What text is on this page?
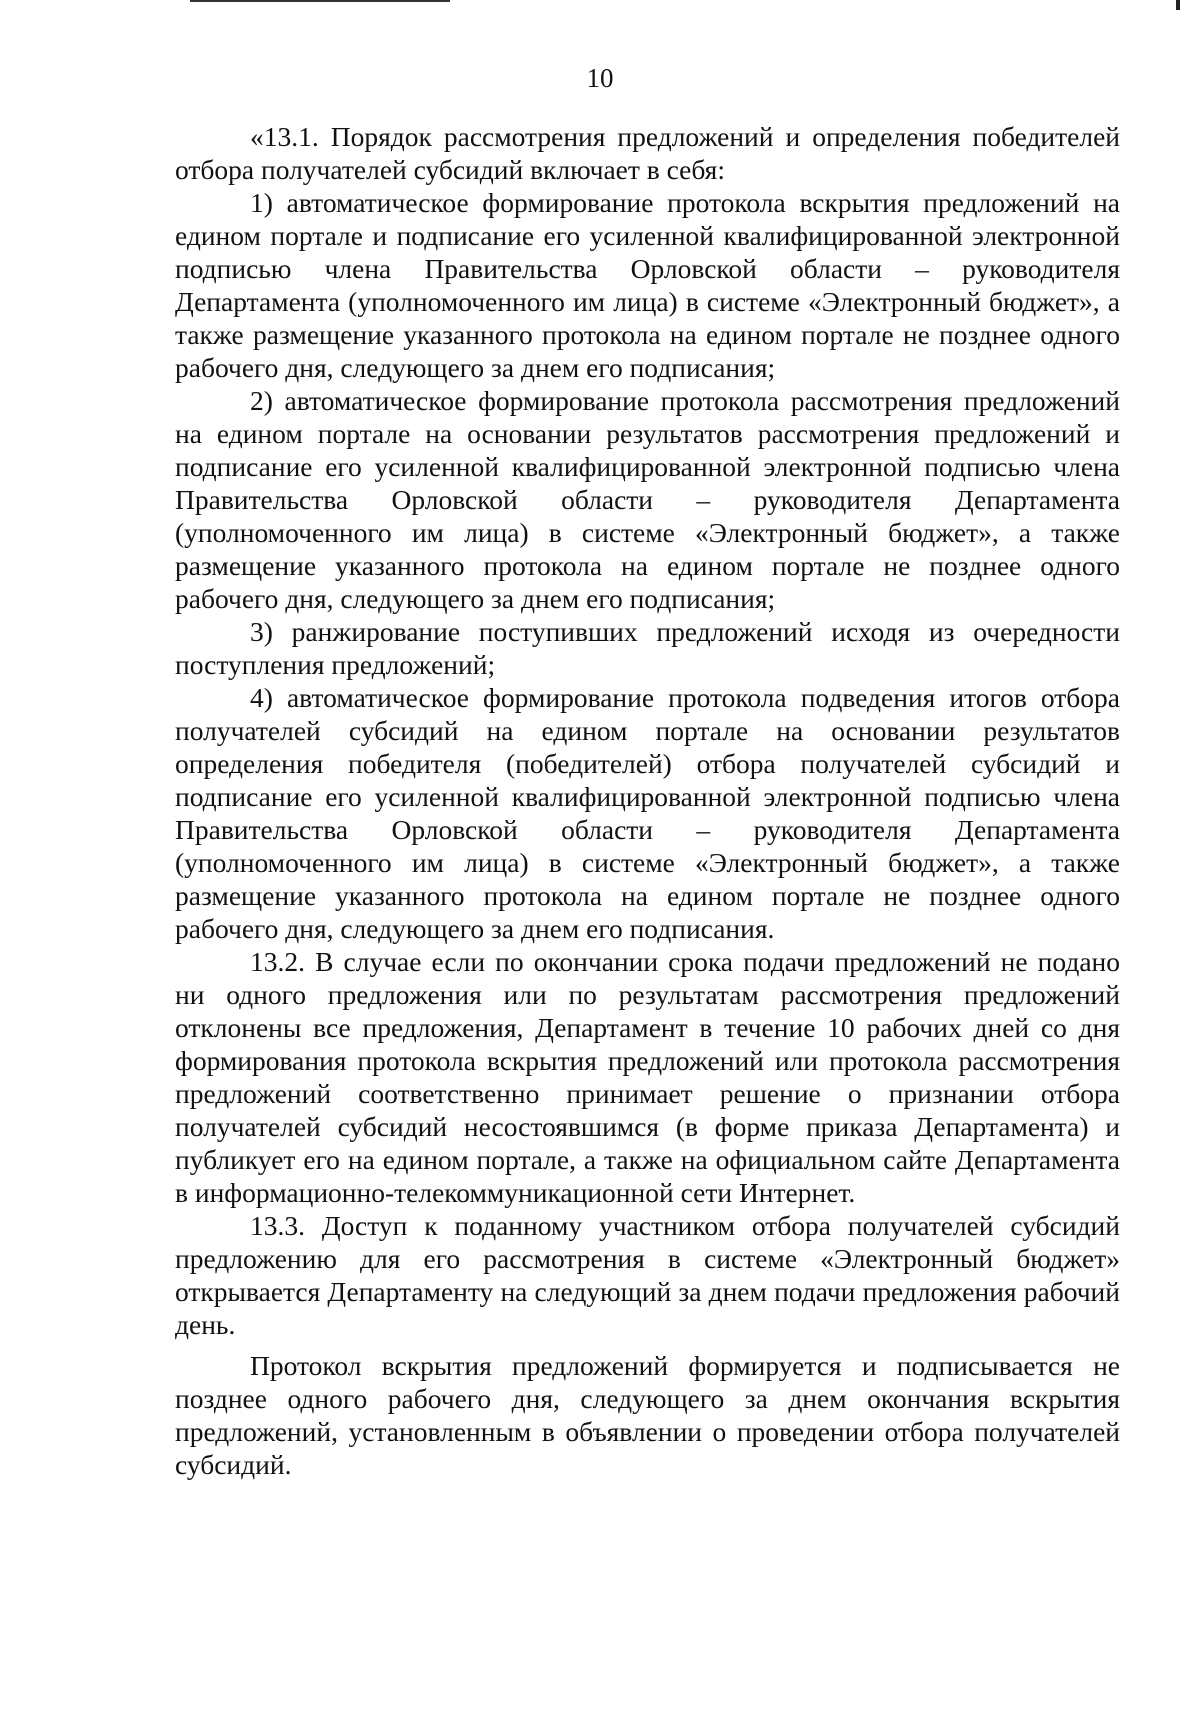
10

«13.1. Порядок рассмотрения предложений и определения победителей отбора получателей субсидий включает в себя:

1) автоматическое формирование протокола вскрытия предложений на едином портале и подписание его усиленной квалифицированной электронной подписью члена Правительства Орловской области – руководителя Департамента (уполномоченного им лица) в системе «Электронный бюджет», а также размещение указанного протокола на едином портале не позднее одного рабочего дня, следующего за днем его подписания;

2) автоматическое формирование протокола рассмотрения предложений на едином портале на основании результатов рассмотрения предложений и подписание его усиленной квалифицированной электронной подписью члена Правительства Орловской области – руководителя Департамента (уполномоченного им лица) в системе «Электронный бюджет», а также размещение указанного протокола на едином портале не позднее одного рабочего дня, следующего за днем его подписания;

3) ранжирование поступивших предложений исходя из очередности поступления предложений;

4) автоматическое формирование протокола подведения итогов отбора получателей субсидий на едином портале на основании результатов определения победителя (победителей) отбора получателей субсидий и подписание его усиленной квалифицированной электронной подписью члена Правительства Орловской области – руководителя Департамента (уполномоченного им лица) в системе «Электронный бюджет», а также размещение указанного протокола на едином портале не позднее одного рабочего дня, следующего за днем его подписания.

13.2. В случае если по окончании срока подачи предложений не подано ни одного предложения или по результатам рассмотрения предложений отклонены все предложения, Департамент в течение 10 рабочих дней со дня формирования протокола вскрытия предложений или протокола рассмотрения предложений соответственно принимает решение о признании отбора получателей субсидий несостоявшимся (в форме приказа Департамента) и публикует его на едином портале, а также на официальном сайте Департамента в информационно-телекоммуникационной сети Интернет.

13.3. Доступ к поданному участником отбора получателей субсидий предложению для его рассмотрения в системе «Электронный бюджет» открывается Департаменту на следующий за днем подачи предложения рабочий день.

Протокол вскрытия предложений формируется и подписывается не позднее одного рабочего дня, следующего за днем окончания вскрытия предложений, установленным в объявлении о проведении отбора получателей субсидий.
